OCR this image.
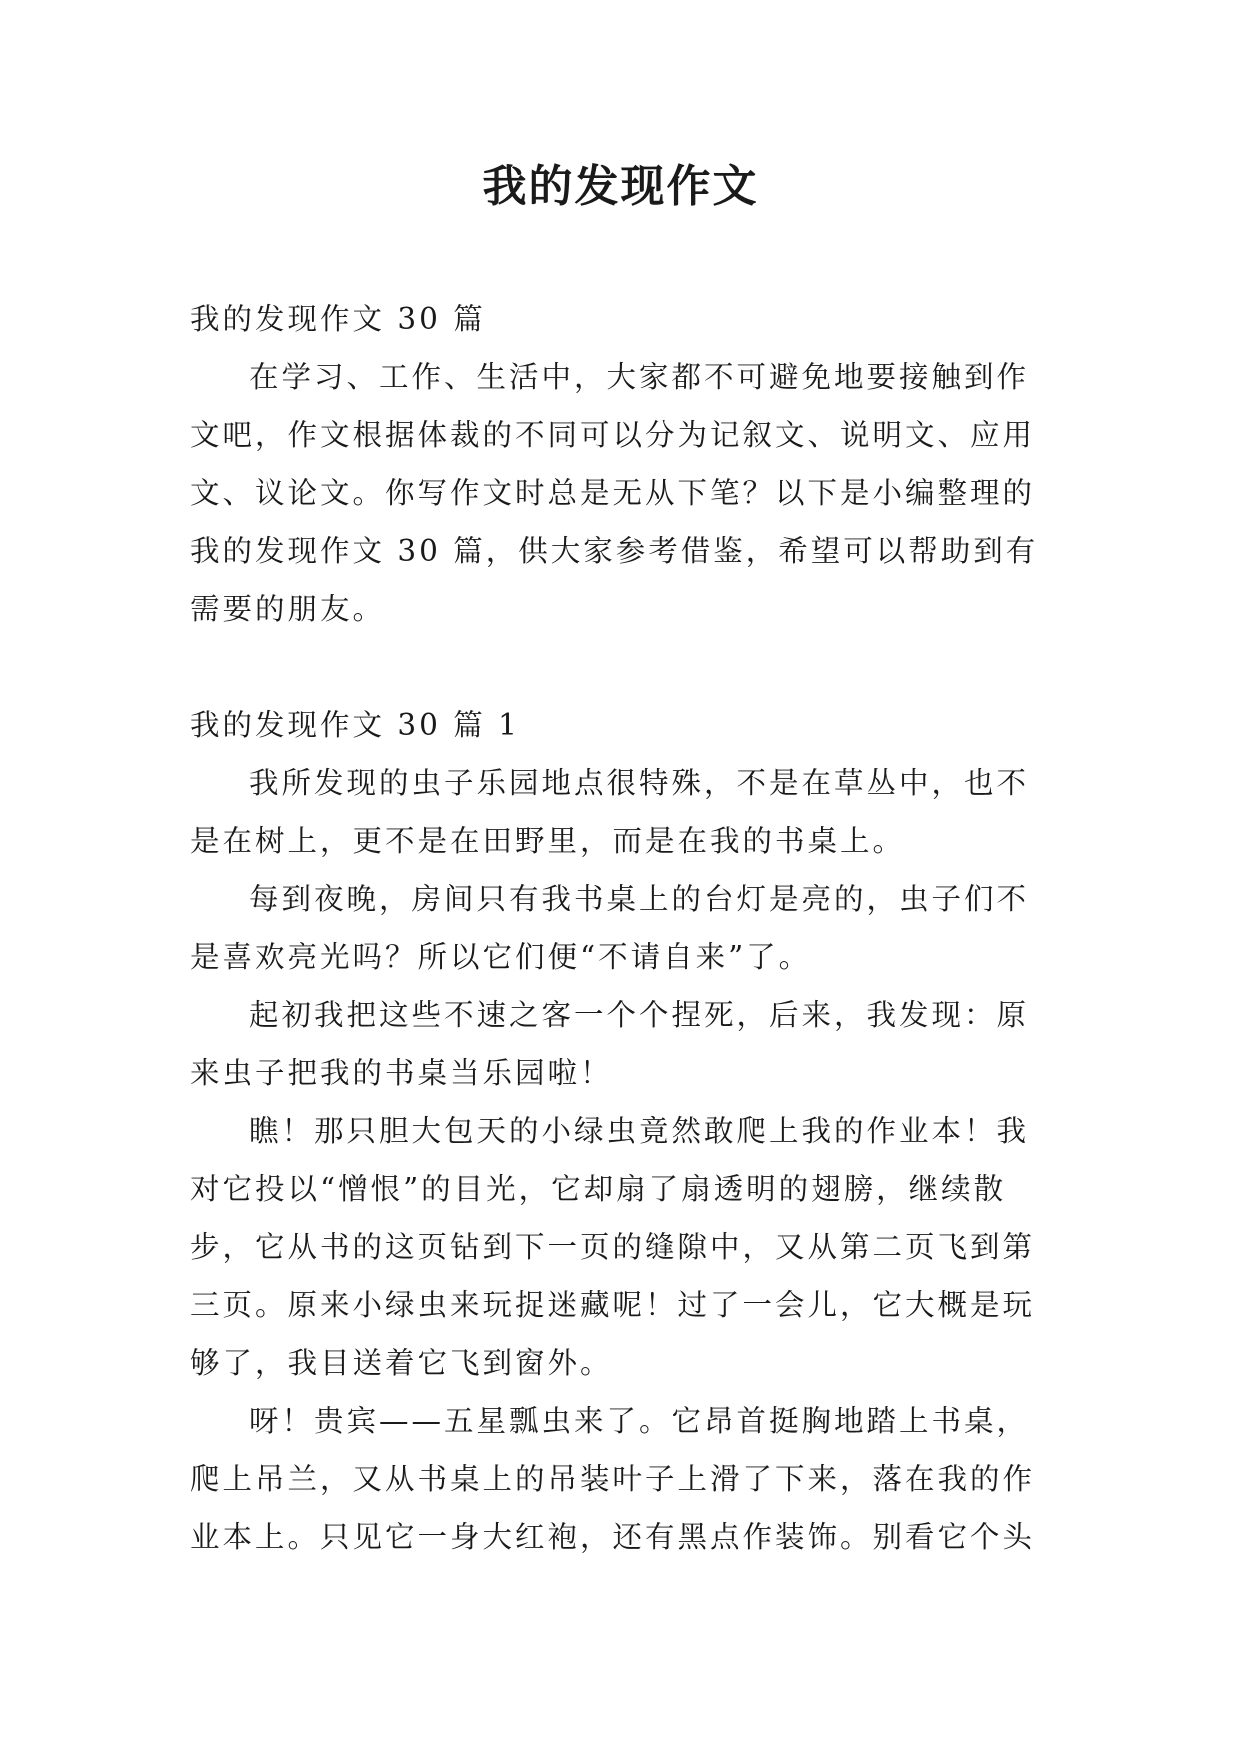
我的发现作文

我的发现作文 30 篇

在学习、工作、生活中，大家都不可避免地要接触到作文吧，作文根据体裁的不同可以分为记叙文、说明文、应用文、议论文。你写作文时总是无从下笔？以下是小编整理的我的发现作文 30 篇，供大家参考借鉴，希望可以帮助到有需要的朋友。

我的发现作文 30 篇 1

我所发现的虫子乐园地点很特殊，不是在草丛中，也不是在树上，更不是在田野里，而是在我的书桌上。

每到夜晚，房间只有我书桌上的台灯是亮的，虫子们不是喜欢亮光吗？所以它们便“不请自来”了。

起初我把这些不速之客一个个捏死，后来，我发现：原来虫子把我的书桌当乐园啦！

瞧！那只胆大包天的小绿虫竟然敢爬上我的作业本！我对它投以“憎恨”的目光，它却扇了扇透明的翅膀，继续散步，它从书的这页钻到下一页的缝隙中，又从第二页飞到第三页。原来小绿虫来玩捉迷藏呢！过了一会儿，它大概是玩够了，我目送着它飞到窗外。

呀！贵宾——五星瓢虫来了。它昂首挺胸地踏上书桌，爬上吊兰，又从书桌上的吊装叶子上滑了下来，落在我的作业本上。只见它一身大红袍，还有黑点作装饰。别看它个头
